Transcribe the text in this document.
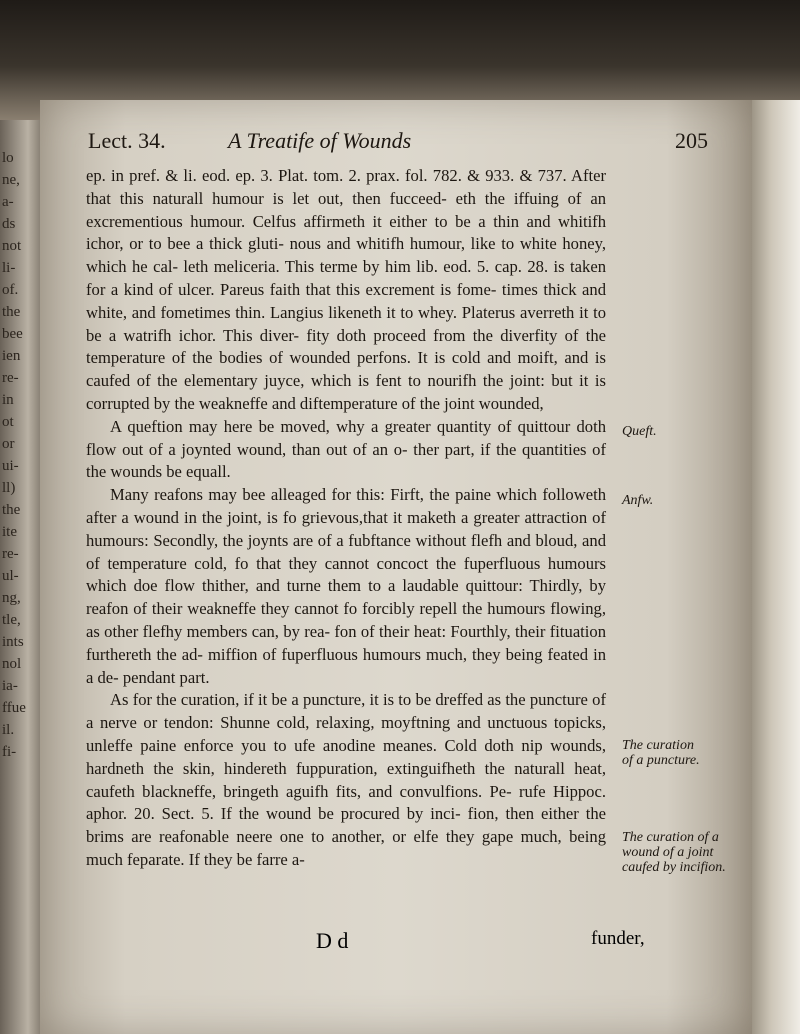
lo
ne,
a-
ds
not
li-
of.
the
bee
ien
re-
in
ot
or
ui-
ll)
the
ite
re-
ul-
ng,
tle,
ints
nol
ia-
ffue
il.
fi-
Lect. 34.	A Treatife of Wounds	205

ep. in pref. & li. eod. ep. 3. Plat. tom. 2. prax. fol. 782. & 933. & 737. After that this naturall humour is let out, then fucceed- eth the iffuing of an excrementious humour. Celfus affirmeth it either to be a thin and whitifh ichor, or to bee a thick gluti- nous and whitifh humour, like to white honey, which he cal- leth meliceria. This terme by him lib. eod. 5. cap. 28. is taken for a kind of ulcer. Pareus faith that this excrement is fome- times thick and white, and fometimes thin. Langius likeneth it to whey. Platerus averreth it to be a watrifh ichor. This diver- fity doth proceed from the diverfity of the temperature of the bodies of wounded perfons. It is cold and moift, and is caufed of the elementary juyce, which is fent to nourifh the joint: but it is corrupted by the weakneffe and diftemperature of the joint wounded,

A queftion may here be moved, why a greater quantity of quittour doth flow out of a joynted wound, than out of an o- ther part, if the quantities of the wounds be equall.

Many reafons may bee alleaged for this: Firft, the paine which followeth after a wound in the joint, is fo grievous,that it maketh a greater attraction of humours: Secondly, the joynts are of a fubftance without flefh and bloud, and of temperature cold, fo that they cannot concoct the fuperfluous humours which doe flow thither, and turne them to a laudable quittour: Thirdly, by reafon of their weakneffe they cannot fo forcibly repell the humours flowing, as other flefhy members can, by rea- fon of their heat: Fourthly, their fituation furthereth the ad- miffion of fuperfluous humours much, they being feated in a de- pendant part.

As for the curation, if it be a puncture, it is to be dreffed as the puncture of a nerve or tendon: Shunne cold, relaxing, moyftning and unctuous topicks, unleffe paine enforce you to ufe anodine meanes. Cold doth nip wounds, hardneth the skin, hindereth fuppuration, extinguifheth the naturall heat, caufeth blackneffe, bringeth aguifh fits, and convulfions. Pe- rufe Hippoc. aphor. 20. Sect. 5. If the wound be procured by inci- fion, then either the brims are reafonable neere one to another, or elfe they gape much, being much feparate. If they be farre a-

Queft.
Anfw.
The curation of a puncture.
The curation of a wound of a joint caufed by incifion.
D d	funder,
